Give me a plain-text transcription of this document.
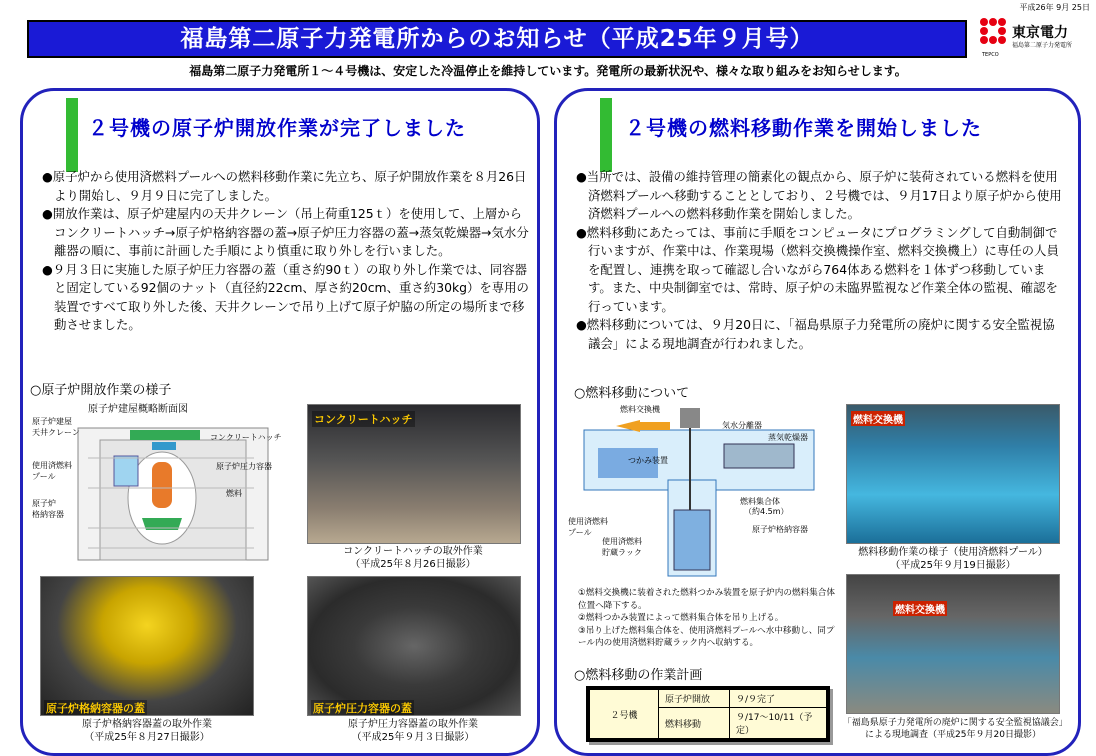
平成26年 9月 25日
福島第二原子力発電所からのお知らせ（平成25年９月号）	東京電力
福島第二原子力発電所
TEPCO
福島第二原子力発電所１～４号機は、安定した冷温停止を維持しています。発電所の最新状況や、様々な取り組みをお知らせします。
２号機の原子炉開放作業が完了しました

●原子炉から使用済燃料プールへの燃料移動作業に先立ち、原子炉開放作業を８月26日より開始し、９月９日に完了しました。

●開放作業は、原子炉建屋内の天井クレーン（吊上荷重125ｔ）を使用して、上層からコンクリートハッチ→原子炉格納容器の蓋→原子炉圧力容器の蓋→蒸気乾燥器→気水分離器の順に、事前に計画した手順により慎重に取り外しを行いました。

●９月３日に実施した原子炉圧力容器の蓋（重さ約90ｔ）の取り外し作業では、同容器と固定している92個のナット（直径約22cm、厚さ約20cm、重さ約30kg）を専用の装置ですべて取り外した後、天井クレーンで吊り上げて原子炉脇の所定の場所まで移動させました。

○原子炉開放作業の様子
原子炉建屋概略断面図
原子炉建屋
天井クレーン
コンクリートハッチ
使用済燃料
プール
原子炉圧力容器
燃料
原子炉
格納容器
コンクリートハッチ
コンクリートハッチの取外作業
（平成25年８月26日撮影）
原子炉格納容器の蓋
原子炉格納容器蓋の取外作業
（平成25年８月27日撮影）
原子炉圧力容器の蓋
原子炉圧力容器蓋の取外作業
（平成25年９月３日撮影）
２号機の燃料移動作業を開始しました

●当所では、設備の維持管理の簡素化の観点から、原子炉に装荷されている燃料を使用済燃料プールへ移動することとしており、２号機では、９月17日より原子炉から使用済燃料プールへの燃料移動作業を開始しました。

●燃料移動にあたっては、事前に手順をコンピュータにプログラミングして自動制御で行いますが、作業中は、作業現場（燃料交換機操作室、燃料交換機上）に専任の人員を配置し、連携を取って確認し合いながら764体ある燃料を１体ずつ移動しています。また、中央制御室では、常時、原子炉の未臨界監視など作業全体の監視、確認を行っています。

●燃料移動については、９月20日に、「福島県原子力発電所の廃炉に関する安全監視協議会」による現地調査が行われました。

○燃料移動について
燃料交換機
気水分離器
蒸気乾燥器
つかみ装置
燃料集合体
（約4.5m）
使用済燃料
プール	原子炉格納容器
使用済燃料
貯蔵ラック

①燃料交換機に装着された燃料つかみ装置を原子炉内の燃料集合体位置へ降下する。

②燃料つかみ装置によって燃料集合体を吊り上げる。

③吊り上げた燃料集合体を、使用済燃料プールへ水中移動し、同プール内の使用済燃料貯蔵ラック内へ収納する。

○燃料移動の作業計画
２号機	原子炉開放	９/９完了
	燃料移動	９/17～10/11（予定）
燃料交換機
燃料移動作業の様子（使用済燃料プール）
（平成25年９月19日撮影）
燃料交換機
「福島県原子力発電所の廃炉に関する安全監視協議会」による現地調査（平成25年９月20日撮影）
